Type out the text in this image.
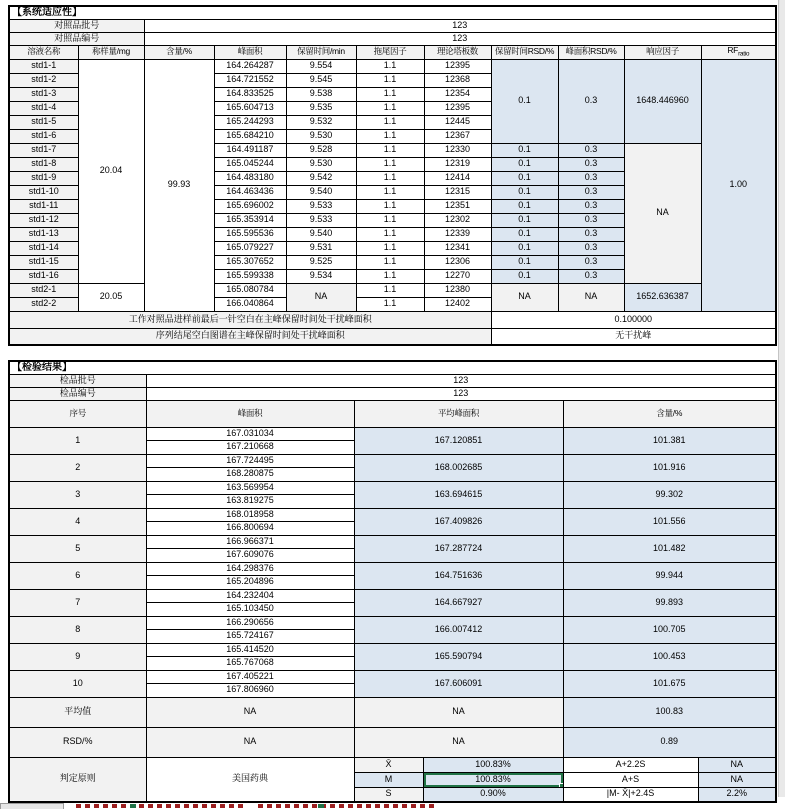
【系统适应性】										
对照品批号		123								
对照品编号		123								
溶液名称	称样量/mg	含量/%	峰面积	保留时间/min	拖尾因子	理论塔板数	保留时间RSD/%	峰面积RSD/%	响应因子	$RF_{ratio}$
std1-1	20.04	99.93	164.264287	9.554	1.1	12395	0.1	0.3	1648.446960	1.00
std1-2			164.721552	9.545	1.1	12368				
std1-3			164.833525	9.538	1.1	12354				
std1-4			165.604713	9.535	1.1	12395				
std1-5			165.244293	9.532	1.1	12445				
std1-6			165.684210	9.530	1.1	12367				
std1-7			164.491187	9.528	1.1	12330	0.1	0.3	NA	
std1-8			165.045244	9.530	1.1	12319	0.1	0.3		
std1-9			164.483180	9.542	1.1	12414	0.1	0.3		
std1-10			164.463436	9.540	1.1	12315	0.1	0.3		
std1-11			165.696002	9.533	1.1	12351	0.1	0.3		
std1-12			165.353914	9.533	1.1	12302	0.1	0.3		
std1-13			165.595536	9.540	1.1	12339	0.1	0.3		
std1-14			165.079227	9.531	1.1	12341	0.1	0.3		
std1-15			165.307652	9.525	1.1	12306	0.1	0.3		
std1-16			165.599338	9.534	1.1	12270	0.1	0.3		
std2-1	20.05		165.080784	NA	1.1	12380	NA	NA	1652.636387	
std2-2			166.040864		1.1	12402				
工作对照品进样前最后一针空白在主峰保留时间处干扰峰面积							0.100000			
序列结尾空白图谱在主峰保留时间处干扰峰面积							无干扰峰			
【检验结果】					
检品批号	123				
检品编号	123				
序号	峰面积	平均峰面积		含量/%	
1	167.031034	167.120851		101.381	
	167.210668				
2	167.724495	168.002685		101.916	
	168.280875				
3	163.569954	163.694615		99.302	
	163.819275				
4	168.018958	167.409826		101.556	
	166.800694				
5	166.966371	167.287724		101.482	
	167.609076				
6	164.298376	164.751636		99.944	
	165.204896				
7	164.232404	164.667927		99.893	
	165.103450				
8	166.290656	166.007412		100.705	
	165.724167				
9	165.414520	165.590794		100.453	
	165.767068				
10	167.405221	167.606091		101.675	
	167.806960				
平均值	NA	NA		100.83	
RSD/%	NA	NA		0.89	
判定原则	美国药典	X̄	100.83%	A+2.2S	NA
		M	100.83%	A+S	NA
		S	0.90%	|M- X̄|+2.4S	2.2%
